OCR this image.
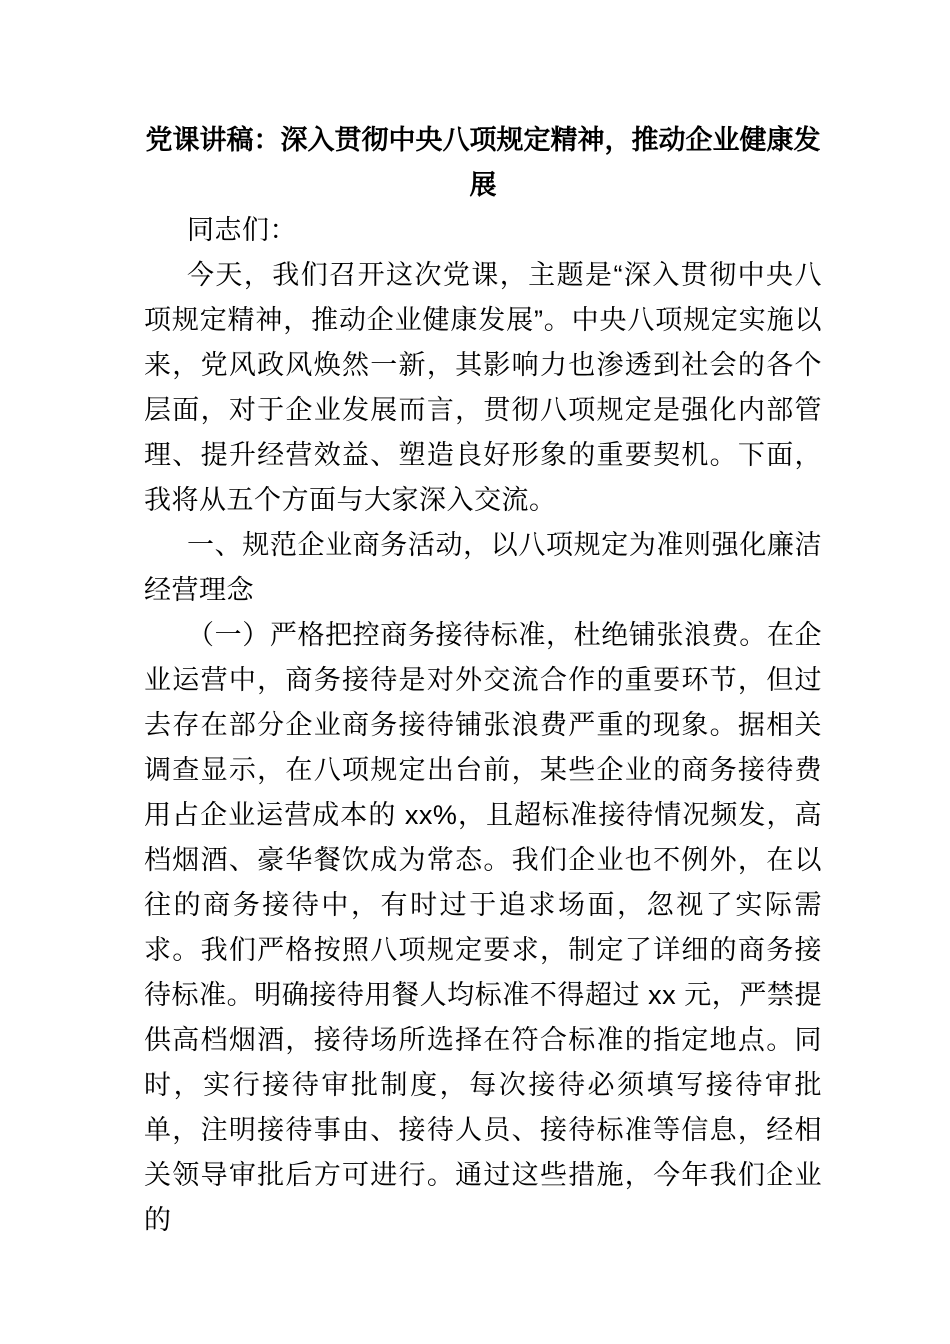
党课讲稿：深入贯彻中央八项规定精神，推动企业健康发
展

同志们：

今天，我们召开这次党课，主题是“深入贯彻中央八项规定精神，推动企业健康发展”。中央八项规定实施以来，党风政风焕然一新，其影响力也渗透到社会的各个层面，对于企业发展而言，贯彻八项规定是强化内部管理、提升经营效益、塑造良好形象的重要契机。下面，我将从五个方面与大家深入交流。

一、规范企业商务活动，以八项规定为准则强化廉洁经营理念

（一）严格把控商务接待标准，杜绝铺张浪费。在企业运营中，商务接待是对外交流合作的重要环节，但过去存在部分企业商务接待铺张浪费严重的现象。据相关调查显示，在八项规定出台前，某些企业的商务接待费用占企业运营成本的 xx%，且超标准接待情况频发，高档烟酒、豪华餐饮成为常态。我们企业也不例外，在以往的商务接待中，有时过于追求场面，忽视了实际需求。我们严格按照八项规定要求，制定了详细的商务接待标准。明确接待用餐人均标准不得超过 xx 元，严禁提供高档烟酒，接待场所选择在符合标准的指定地点。同时，实行接待审批制度，每次接待必须填写接待审批单，注明接待事由、接待人员、接待标准等信息，经相关领导审批后方可进行。通过这些措施，今年我们企业的
